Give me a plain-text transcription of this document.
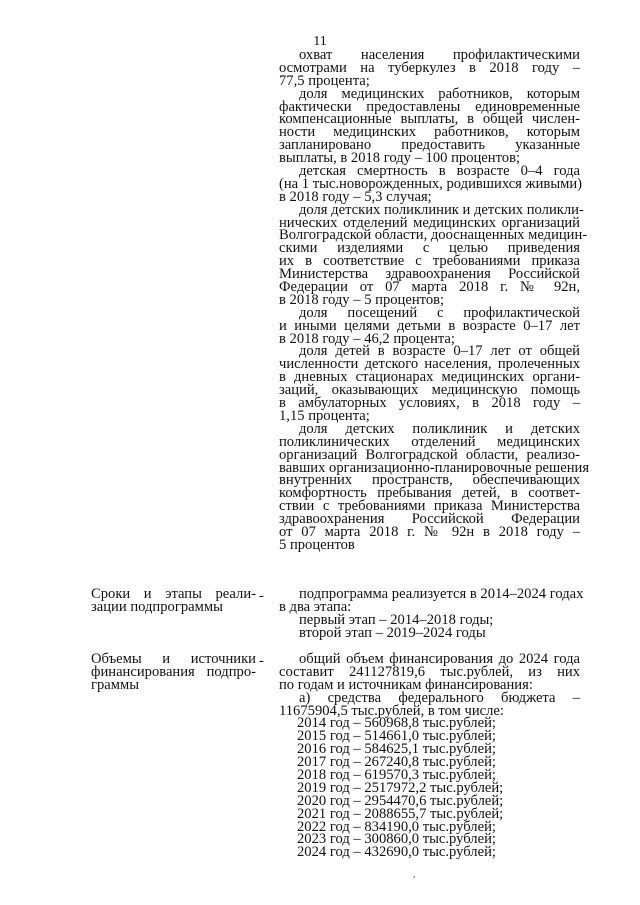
11
охват населения профилактическими
осмотрами на туберкулез в 2018 году –
77,5 процента;
доля медицинских работников, которым
фактически предоставлены единовременные
компенсационные выплаты, в общей числен-
ности медицинских работников, которым
запланировано предоставить указанные
выплаты, в 2018 году – 100 процентов;
детская смертность в возрасте 0–4 года
(на 1 тыс.новорожденных, родившихся живыми)
в 2018 году – 5,3 случая;
доля детских поликлиник и детских поликли-
нических отделений медицинских организаций
Волгоградской области, дооснащенных медицин-
скими изделиями с целью приведения
их в соответствие с требованиями приказа
Министерства здравоохранения Российской
Федерации от 07 марта 2018 г. № 92н,
в 2018 году – 5 процентов;
доля посещений с профилактической
и иными целями детьми в возрасте 0–17 лет
в 2018 году – 46,2 процента;
доля детей в возрасте 0–17 лет от общей
численности детского населения, пролеченных
в дневных стационарах медицинских органи-
заций, оказывающих медицинскую помощь
в амбулаторных условиях, в 2018 году –
1,15 процента;
доля детских поликлиник и детских
поликлинических отделений медицинских
организаций Волгоградской области, реализо-
вавших организационно-планировочные решения
внутренних пространств, обеспечивающих
комфортность пребывания детей, в соответ-
ствии с требованиями приказа Министерства
здравоохранения Российской Федерации
от 07 марта 2018 г. № 92н в 2018 году –
5 процентов
Сроки и этапы реали-
зации подпрограммы
-	подпрограмма реализуется в 2014–2024 годах
в два этапа:
первый этап – 2014–2018 годы;
второй этап – 2019–2024 годы
Объемы и источники
финансирования подпро-
граммы
-	общий объем финансирования до 2024 года
составит 241127819,6 тыс.рублей, из них
по годам и источникам финансирования:
а) средства федерального бюджета –
11675904,5 тыс.рублей, в том числе:
2014 год – 560968,8 тыс.рублей;
2015 год – 514661,0 тыс.рублей;
2016 год – 584625,1 тыс.рублей;
2017 год – 267240,8 тыс.рублей;
2018 год – 619570,3 тыс.рублей;
2019 год – 2517972,2 тыс.рублей;
2020 год – 2954470,6 тыс.рублей;
2021 год – 2088655,7 тыс.рублей;
2022 год – 834190,0 тыс.рублей;
2023 год – 300860,0 тыс.рублей;
2024 год – 432690,0 тыс.рублей;
,
